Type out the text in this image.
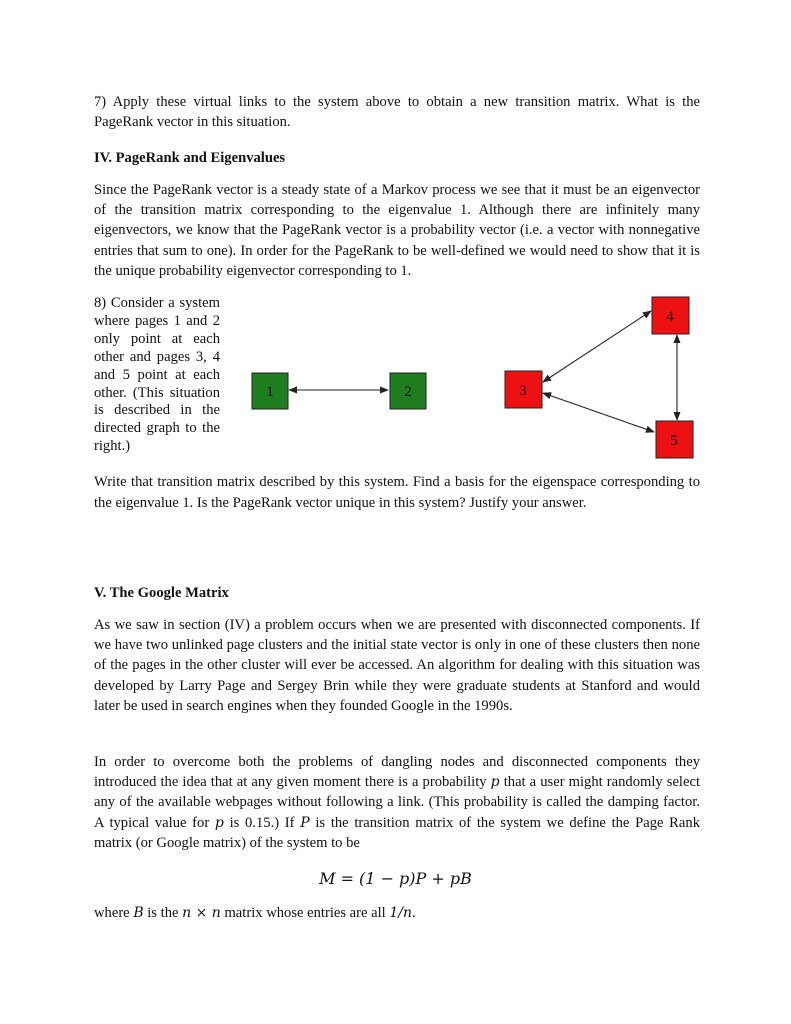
7) Apply these virtual links to the system above to obtain a new transition matrix. What is the PageRank vector in this situation.

IV. PageRank and Eigenvalues

Since the PageRank vector is a steady state of a Markov process we see that it must be an eigenvector of the transition matrix corresponding to the eigenvalue 1. Although there are infinitely many eigenvectors, we know that the PageRank vector is a probability vector (i.e. a vector with nonnegative entries that sum to one). In order for the PageRank to be well-defined we would need to show that it is the unique probability eigenvector corresponding to 1.

8) Consider a system where pages 1 and 2 only point at each other and pages 3, 4 and 5 point at each other. (This situation is described in the directed graph to the right.)

1	2	3
4
5

Write that transition matrix described by this system. Find a basis for the eigenspace corresponding to the eigenvalue 1. Is the PageRank vector unique in this system? Justify your answer.

V. The Google Matrix

As we saw in section (IV) a problem occurs when we are presented with disconnected components. If we have two unlinked page clusters and the initial state vector is only in one of these clusters then none of the pages in the other cluster will ever be accessed. An algorithm for dealing with this situation was developed by Larry Page and Sergey Brin while they were graduate students at Stanford and would later be used in search engines when they founded Google in the 1990s.

In order to overcome both the problems of dangling nodes and disconnected components they introduced the idea that at any given moment there is a probability p that a user might randomly select any of the available webpages without following a link. (This probability is called the damping factor. A typical value for p is 0.15.) If P is the transition matrix of the system we define the Page Rank matrix (or Google matrix) of the system to be

M = (1 − p)P + pB

where B is the n × n matrix whose entries are all 1/n.
